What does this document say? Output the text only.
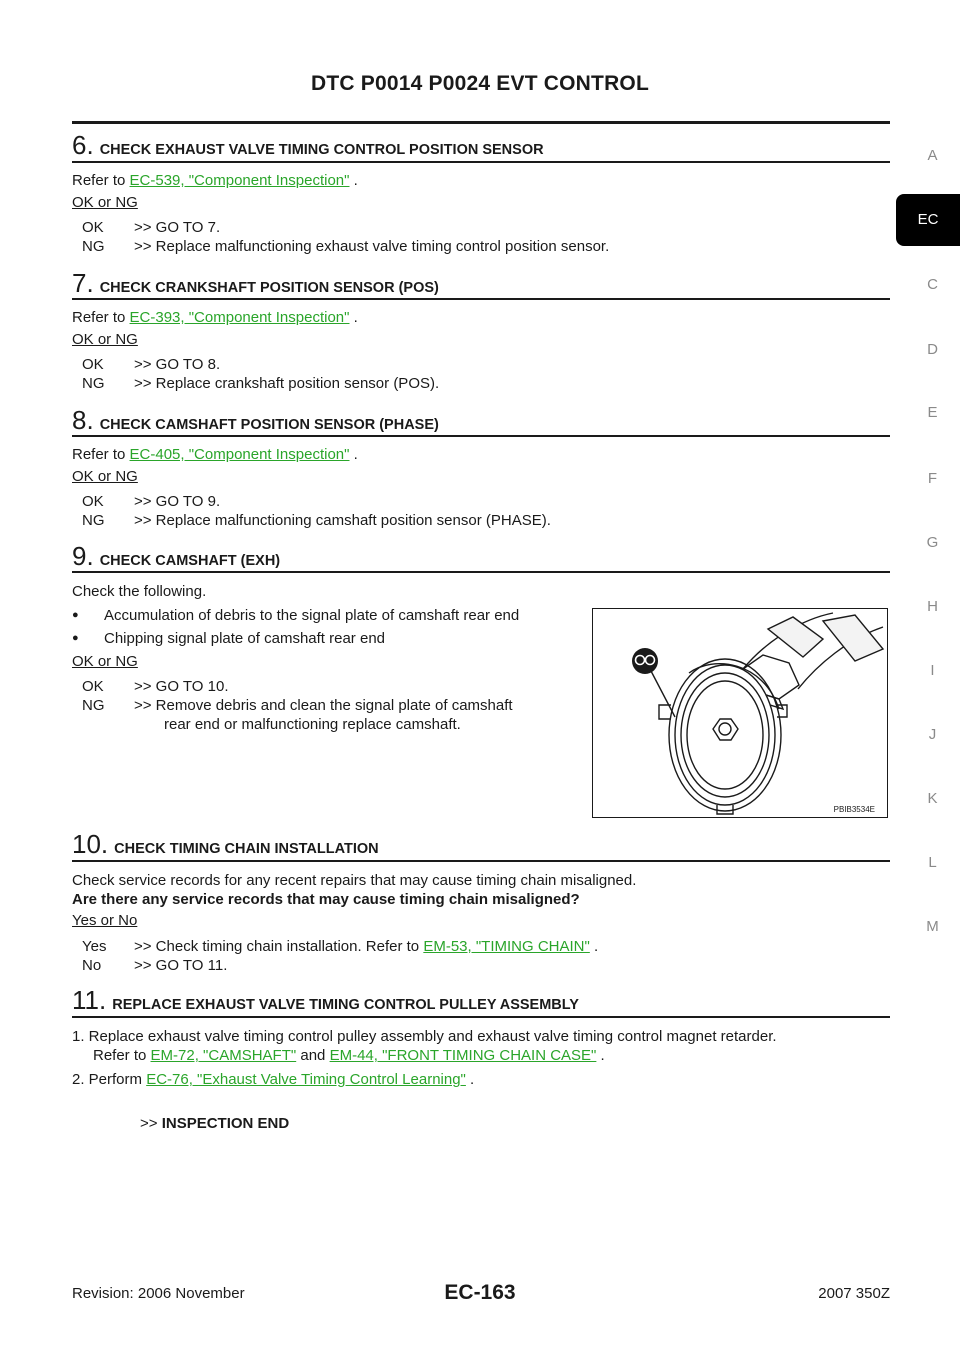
DTC P0014 P0024 EVT CONTROL
A
EC
C
D
E
F
G
H
I
J
K
L
M
6. CHECK EXHAUST VALVE TIMING CONTROL POSITION SENSOR
Refer to EC-539, "Component Inspection" .
OK or NG
OK >> GO TO 7.
NG >> Replace malfunctioning exhaust valve timing control position sensor.
7. CHECK CRANKSHAFT POSITION SENSOR (POS)
Refer to EC-393, "Component Inspection" .
OK or NG
OK >> GO TO 8.
NG >> Replace crankshaft position sensor (POS).
8. CHECK CAMSHAFT POSITION SENSOR (PHASE)
Refer to EC-405, "Component Inspection" .
OK or NG
OK >> GO TO 9.
NG >> Replace malfunctioning camshaft position sensor (PHASE).
9. CHECK CAMSHAFT (EXH)
Check the following.
● Accumulation of debris to the signal plate of camshaft rear end
● Chipping signal plate of camshaft rear end
OK or NG
OK >> GO TO 10.
NG >> Remove debris and clean the signal plate of camshaft
rear end or malfunctioning replace camshaft.
PBIB3534E
10. CHECK TIMING CHAIN INSTALLATION
Check service records for any recent repairs that may cause timing chain misaligned.
Are there any service records that may cause timing chain misaligned?
Yes or No
Yes >> Check timing chain installation. Refer to EM-53, "TIMING CHAIN" .
No >> GO TO 11.
11. REPLACE EXHAUST VALVE TIMING CONTROL PULLEY ASSEMBLY
1. Replace exhaust valve timing control pulley assembly and exhaust valve timing control magnet retarder.
Refer to EM-72, "CAMSHAFT" and EM-44, "FRONT TIMING CHAIN CASE" .
2. Perform EC-76, "Exhaust Valve Timing Control Learning" .
>> INSPECTION END
Revision: 2006 November	EC-163	2007 350Z
